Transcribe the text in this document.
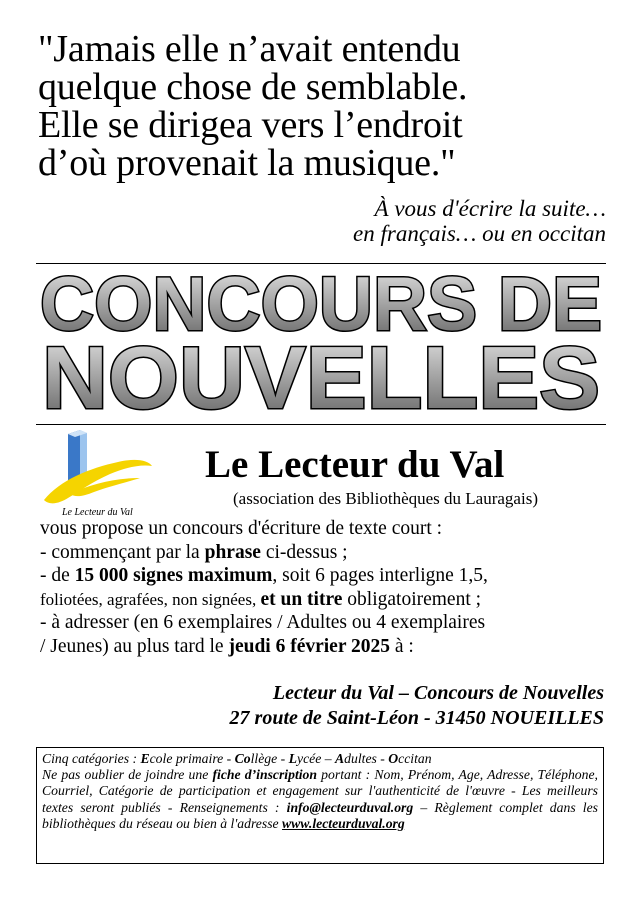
"Jamais elle n’avait entendu
quelque chose de semblable.
Elle se dirigea vers l’endroit
d’où provenait la musique."
À vous d'écrire la suite…
en français… ou en occitan
CONCOURS DE
NOUVELLES
Le Lecteur du Val
Le Lecteur du Val
(association des Bibliothèques du Lauragais)
vous propose un concours d'écriture de texte court :
- commençant par la phrase ci-dessus ;
- de 15 000 signes maximum, soit 6 pages interligne 1,5,
foliotées, agrafées, non signées, et un titre obligatoirement ;
- à adresser (en 6 exemplaires / Adultes ou 4 exemplaires
/ Jeunes) au plus tard le jeudi 6 février 2025 à :
Lecteur du Val – Concours de Nouvelles
27 route de Saint-Léon - 31450 NOUEILLES
Cinq catégories : Ecole primaire - Collège - Lycée – Adultes - Occitan
Ne pas oublier de joindre une fiche d’inscription portant : Nom, Prénom, Age, Adresse, Téléphone, Courriel, Catégorie de participation et engagement sur l'authenticité de l'œuvre - Les meilleurs textes seront publiés - Renseignements : info@lecteurduval.org – Règlement complet dans les bibliothèques du réseau ou bien à l'adresse www.lecteurduval.org
